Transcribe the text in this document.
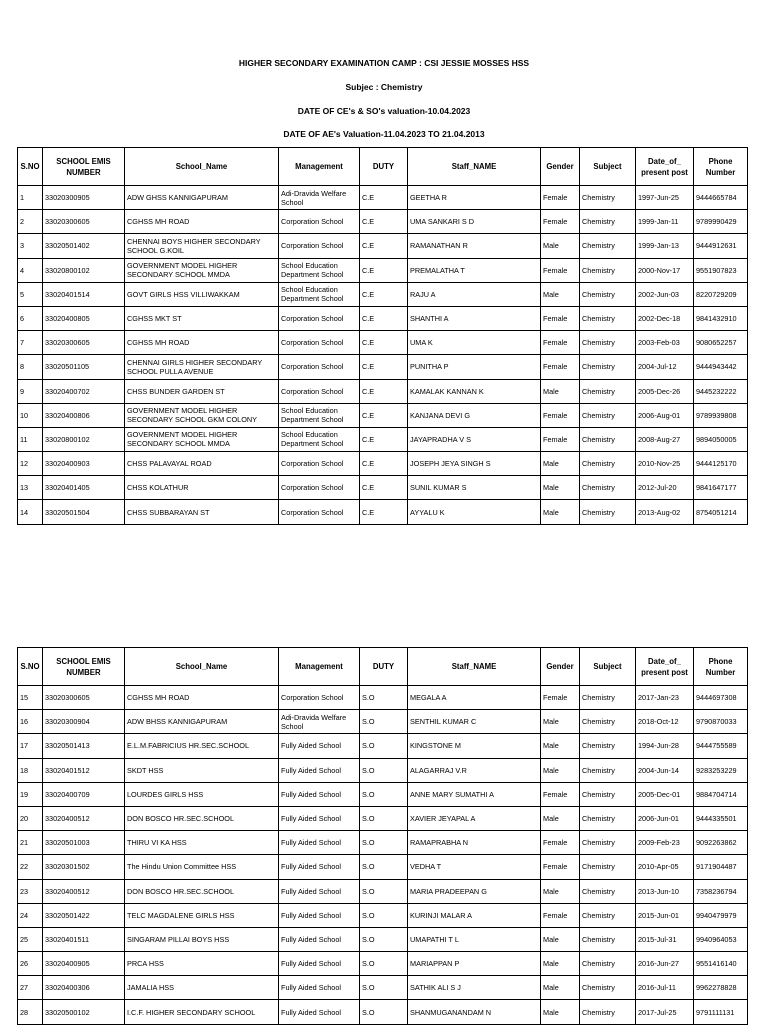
HIGHER SECONDARY EXAMINATION CAMP : CSI JESSIE MOSSES HSS
Subjec : Chemistry
DATE OF CE's & SO's valuation-10.04.2023
DATE OF AE's Valuation-11.04.2023 TO 21.04.2013
S.NO	SCHOOL EMIS NUMBER	School_Name	Management	DUTY	Staff_NAME	Gender	Subject	Date_of_ present post	Phone Number
1	33020300905	ADW GHSS KANNIGAPURAM	Adi-Dravida Welfare School	C.E	GEETHA R	Female	Chemistry	1997-Jun-25	9444665784
2	33020300605	CGHSS MH ROAD	Corporation School	C.E	UMA SANKARI S D	Female	Chemistry	1999-Jan-11	9789990429
3	33020501402	CHENNAI BOYS HIGHER SECONDARY SCHOOL G.KOIL	Corporation School	C.E	RAMANATHAN R	Male	Chemistry	1999-Jan-13	9444912631
4	33020800102	GOVERNMENT MODEL HIGHER SECONDARY SCHOOL MMDA	School Education Department School	C.E	PREMALATHA T	Female	Chemistry	2000-Nov-17	9551907823
5	33020401514	GOVT GIRLS HSS VILLIWAKKAM	School Education Department School	C.E	RAJU A	Male	Chemistry	2002-Jun-03	8220729209
6	33020400805	CGHSS MKT ST	Corporation School	C.E	SHANTHI A	Female	Chemistry	2002-Dec-18	9841432910
7	33020300605	CGHSS MH ROAD	Corporation School	C.E	UMA K	Female	Chemistry	2003-Feb-03	9080652257
8	33020501105	CHENNAI GIRLS HIGHER SECONDARY SCHOOL PULLA AVENUE	Corporation School	C.E	PUNITHA P	Female	Chemistry	2004-Jul-12	9444943442
9	33020400702	CHSS BUNDER GARDEN ST	Corporation School	C.E	KAMALAK KANNAN K	Male	Chemistry	2005-Dec-26	9445232222
10	33020400806	GOVERNMENT MODEL HIGHER SECONDARY SCHOOL GKM COLONY	School Education Department School	C.E	KANJANA DEVI G	Female	Chemistry	2006-Aug-01	9789939808
11	33020800102	GOVERNMENT MODEL HIGHER SECONDARY SCHOOL MMDA	School Education Department School	C.E	JAYAPRADHA V S	Female	Chemistry	2008-Aug-27	9894050005
12	33020400903	CHSS PALAVAYAL ROAD	Corporation School	C.E	JOSEPH JEYA SINGH S	Male	Chemistry	2010-Nov-25	9444125170
13	33020401405	CHSS KOLATHUR	Corporation School	C.E	SUNIL KUMAR S	Male	Chemistry	2012-Jul-20	9841647177
14	33020501504	CHSS SUBBARAYAN ST	Corporation School	C.E	AYYALU K	Male	Chemistry	2013-Aug-02	8754051214
S.NO	SCHOOL EMIS NUMBER	School_Name	Management	DUTY	Staff_NAME	Gender	Subject	Date_of_ present post	Phone Number
15	33020300605	CGHSS MH ROAD	Corporation School	S.O	MEGALA A	Female	Chemistry	2017-Jan-23	9444697308
16	33020300904	ADW BHSS KANNIGAPURAM	Adi-Dravida Welfare School	S.O	SENTHIL KUMAR C	Male	Chemistry	2018-Oct-12	9790870033
17	33020501413	E.L.M.FABRICIUS HR.SEC.SCHOOL	Fully Aided School	S.O	KINGSTONE M	Male	Chemistry	1994-Jun-28	9444755589
18	33020401512	SKDT HSS	Fully Aided School	S.O	ALAGARRAJ V.R	Male	Chemistry	2004-Jun-14	9283253229
19	33020400709	LOURDES GIRLS HSS	Fully Aided School	S.O	ANNE MARY SUMATHI A	Female	Chemistry	2005-Dec-01	9884704714
20	33020400512	DON BOSCO HR.SEC.SCHOOL	Fully Aided School	S.O	XAVIER JEYAPAL A	Male	Chemistry	2006-Jun-01	9444335501
21	33020501003	THIRU VI KA HSS	Fully Aided School	S.O	RAMAPRABHA N	Female	Chemistry	2009-Feb-23	9092263862
22	33020301502	The Hindu Union Committee HSS	Fully Aided School	S.O	VEDHA T	Female	Chemistry	2010-Apr-05	9171904487
23	33020400512	DON BOSCO HR.SEC.SCHOOL	Fully Aided School	S.O	MARIA PRADEEPAN G	Male	Chemistry	2013-Jun-10	7358236794
24	33020501422	TELC MAGDALENE GIRLS HSS	Fully Aided School	S.O	KURINJI MALAR A	Female	Chemistry	2015-Jun-01	9940479979
25	33020401511	SINGARAM PILLAI BOYS HSS	Fully Aided School	S.O	UMAPATHI T L	Male	Chemistry	2015-Jul-31	9940964053
26	33020400905	PRCA HSS	Fully Aided School	S.O	MARIAPPAN P	Male	Chemistry	2016-Jun-27	9551416140
27	33020400306	JAMALIA HSS	Fully Aided School	S.O	SATHIK ALI S J	Male	Chemistry	2016-Jul-11	9962278828
28	33020500102	I.C.F. HIGHER SECONDARY SCHOOL	Fully Aided School	S.O	SHANMUGANANDAM N	Male	Chemistry	2017-Jul-25	9791111131
